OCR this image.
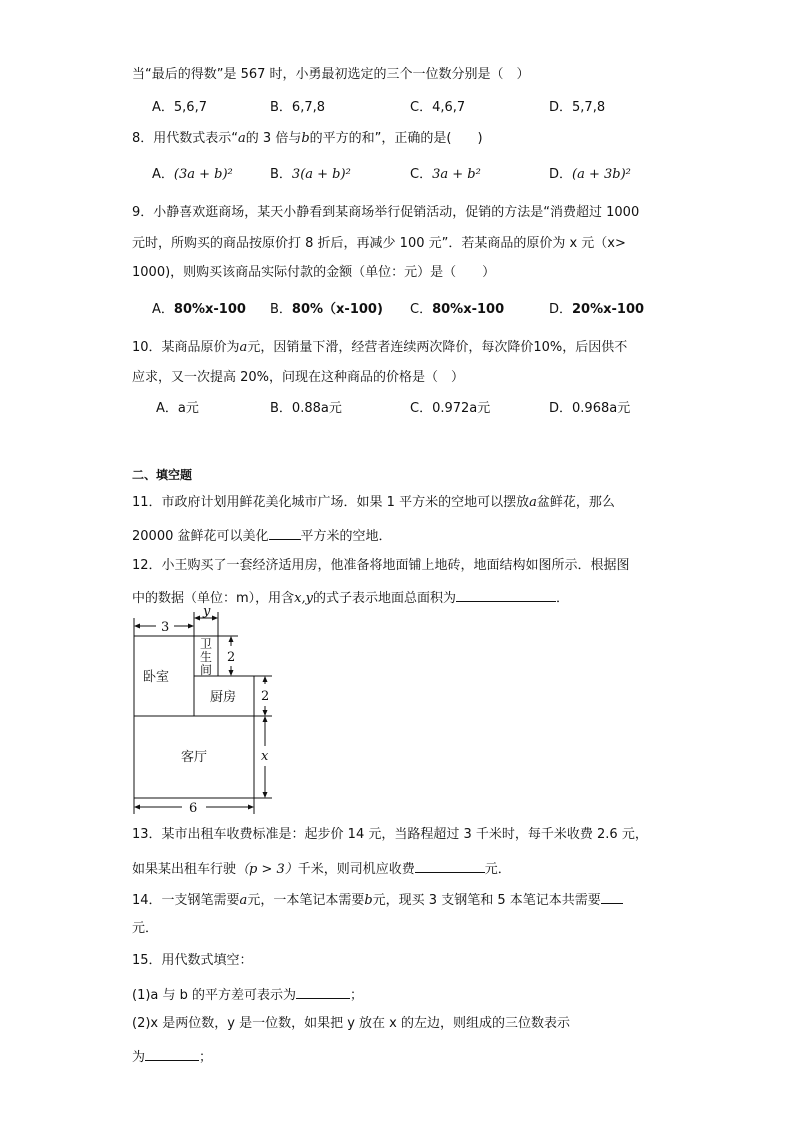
当“最后的得数”是 567 时，小勇最初选定的三个一位数分别是（　）
A．5,6,7	B．6,7,8	C．4,6,7	D．5,7,8
8．用代数式表示“a的 3 倍与b的平方的和”，正确的是(　　)
A．(3a + b)²	B．3(a + b)²	C．3a + b²	D．(a + 3b)²
9．小静喜欢逛商场，某天小静看到某商场举行促销活动，促销的方法是“消费超过 1000
元时，所购买的商品按原价打 8 折后，再减少 100 元”．若某商品的原价为 x 元（x>
1000)，则购买该商品实际付款的金额（单位：元）是（　　）
A．80%x-100 B．80%（x-100) C．80%x-100	D．20%x-100
10．某商品原价为a元，因销量下滑，经营者连续两次降价，每次降价10%，后因供不
应求，又一次提高 20%，问现在这种商品的价格是（　）
A．a元	B．0.88a元	C．0.972a元	D．0.968a元
二、填空题
11．市政府计划用鲜花美化城市广场．如果 1 平方米的空地可以摆放a盆鲜花，那么
20000 盆鲜花可以美化 平方米的空地．
12．小王购买了一套经济适用房，他准备将地面铺上地砖，地面结构如图所示．根据图
中的数据（单位：m），用含x,y的式子表示地面总面积为	．
卧室
卫
生
间
厨房
客厅
3
y
2
2
x
6
13．某市出租车收费标准是：起步价 14 元，当路程超过 3 千米时，每千米收费 2.6 元，
如果某出租车行驶（p > 3）千米，则司机应收费	元．
14．一支钢笔需要a元，一本笔记本需要b元，现买 3 支钢笔和 5 本笔记本共需要
元．
15．用代数式填空：
(1)a 与 b 的平方差可表示为	；
(2)x 是两位数，y 是一位数，如果把 y 放在 x 的左边，则组成的三位数表示
为	；
